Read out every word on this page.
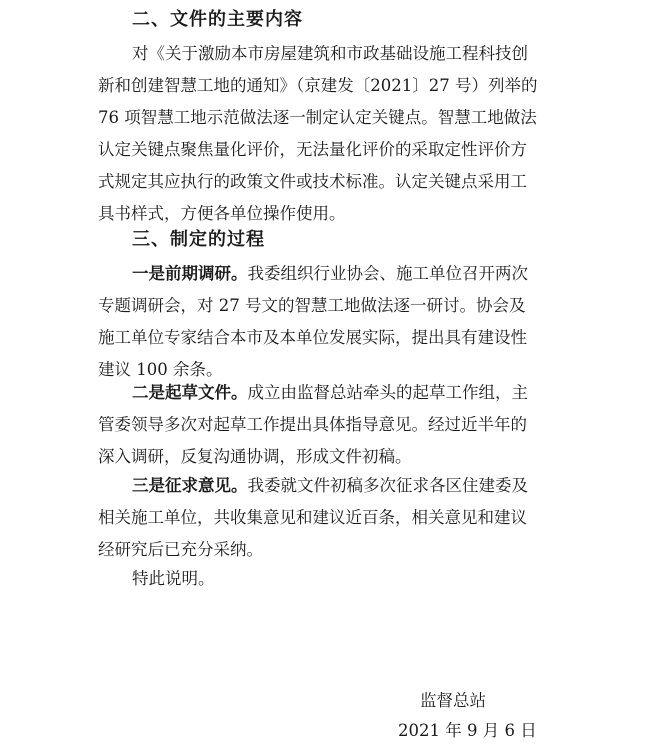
二、文件的主要内容
对《关于激励本市房屋建筑和市政基础设施工程科技创
新和创建智慧工地的通知》（京建发〔2021〕27 号）列举的
76 项智慧工地示范做法逐一制定认定关键点。智慧工地做法
认定关键点聚焦量化评价，无法量化评价的采取定性评价方
式规定其应执行的政策文件或技术标准。认定关键点采用工
具书样式，方便各单位操作使用。
三、制定的过程
一是前期调研。我委组织行业协会、施工单位召开两次
专题调研会，对 27 号文的智慧工地做法逐一研讨。协会及
施工单位专家结合本市及本单位发展实际，提出具有建设性
建议 100 余条。
二是起草文件。成立由监督总站牵头的起草工作组，主
管委领导多次对起草工作提出具体指导意见。经过近半年的
深入调研，反复沟通协调，形成文件初稿。
三是征求意见。我委就文件初稿多次征求各区住建委及
相关施工单位，共收集意见和建议近百条，相关意见和建议
经研究后已充分采纳。
特此说明。
监督总站
2021 年 9 月 6 日
